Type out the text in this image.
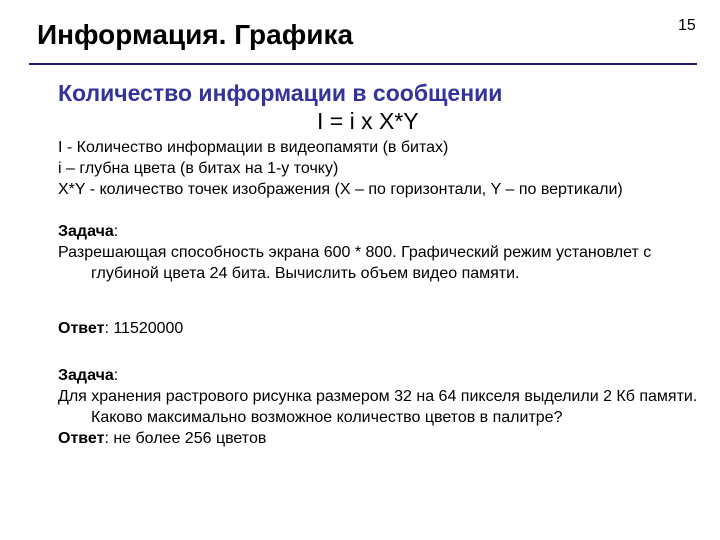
Информация. Графика	15
Количество информации в сообщении
I = i x X*Y

I - Количество информации в видеопамяти (в битах)

i – глубна цвета (в битах на 1-у точку)

X*Y - количество точек изображения (X – по горизонтали, Y – по вертикали)

Задача:

Разрешающая способность экрана 600 * 800. Графический режим установлет с глубиной цвета 24 бита. Вычислить объем видео памяти.

Ответ: 11520000

Задача:

Для хранения растрового рисунка размером 32 на 64 пикселя выделили 2 Кб памяти. Каково максимально возможное количество цветов в палитре?

Ответ: не более 256 цветов
